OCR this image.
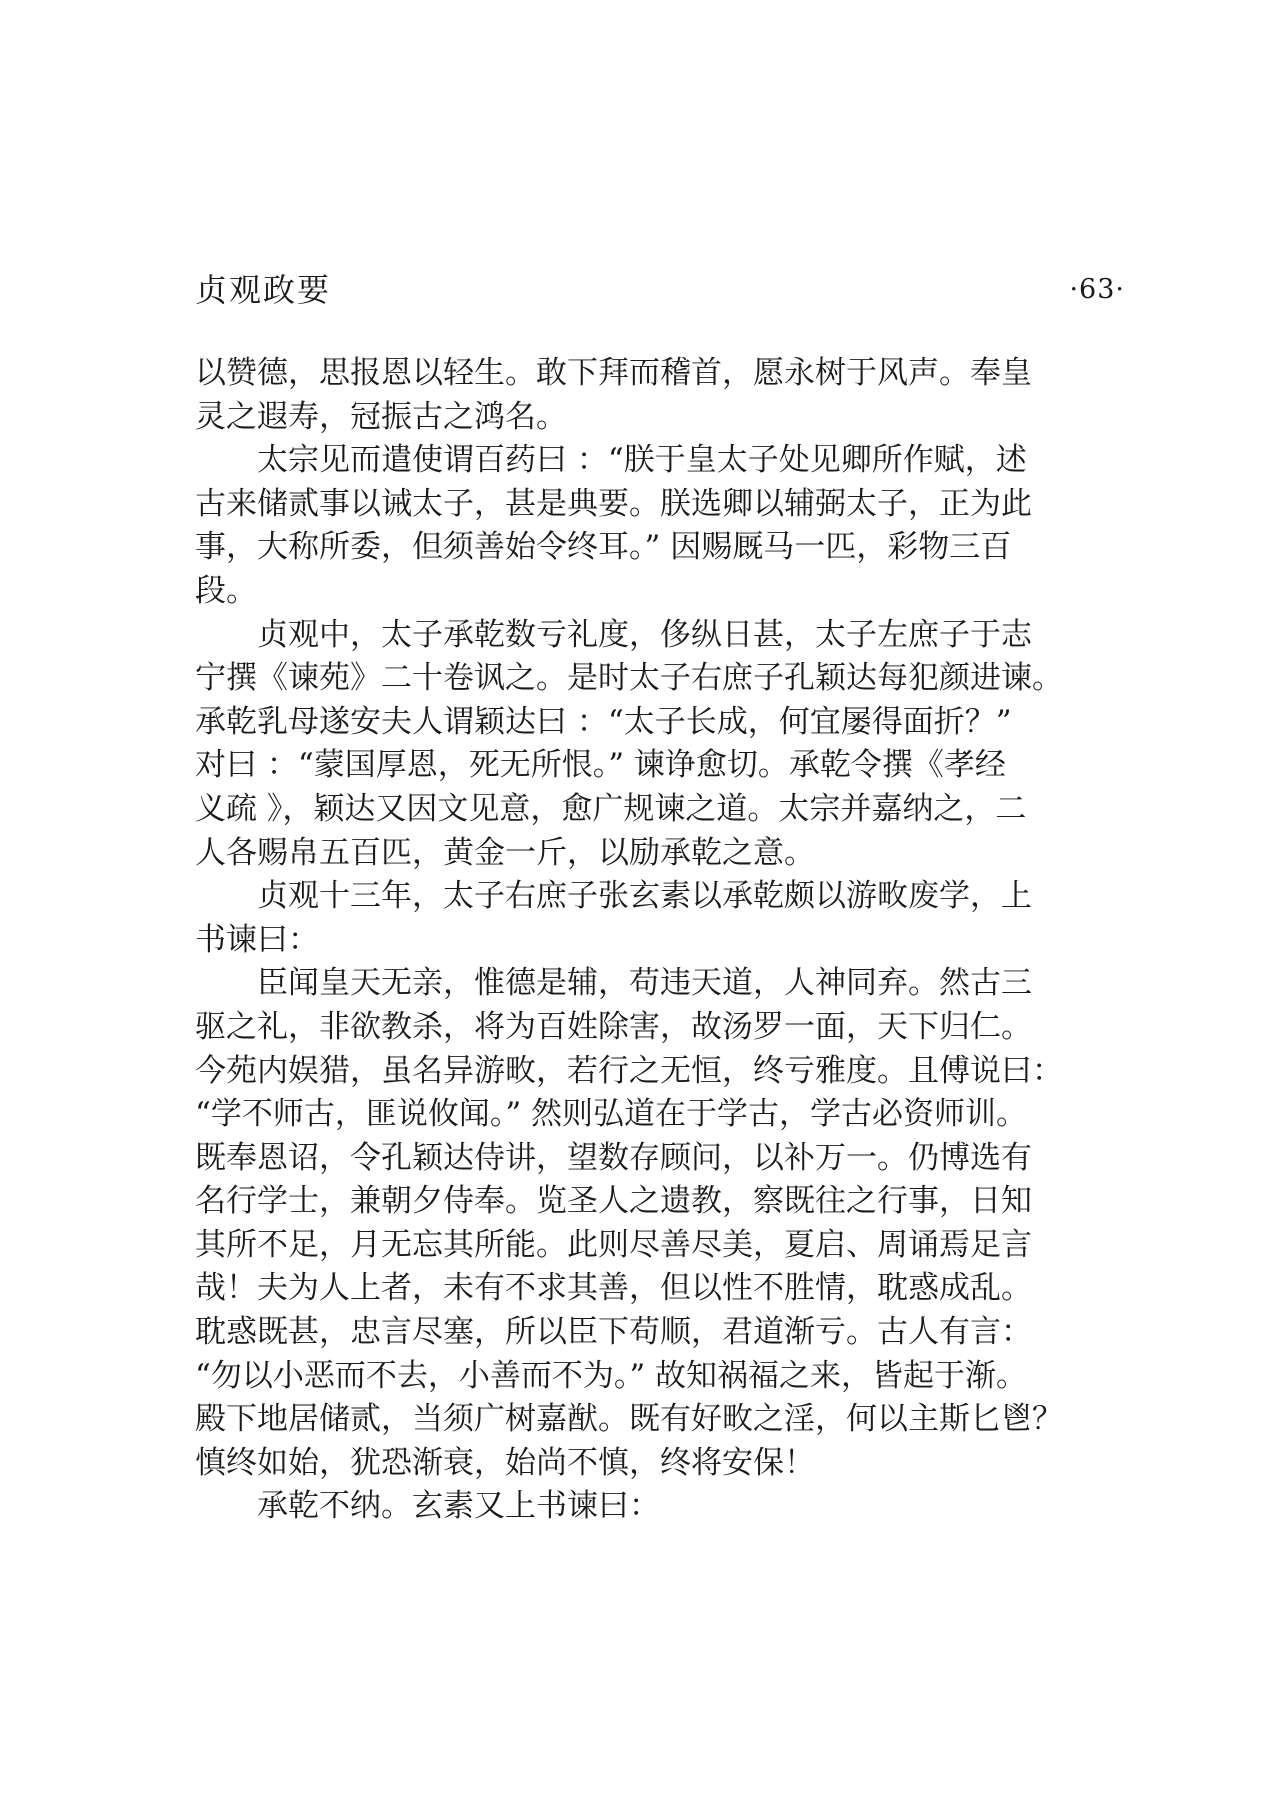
贞观政要	·63·
以赞德，思报恩以轻生。敢下拜而稽首，愿永树于风声。奉皇
灵之遐寿，冠振古之鸿名。
太宗见而遣使谓百药曰 ：“朕于皇太子处见卿所作赋，述
古来储贰事以诫太子，甚是典要。朕选卿以辅弼太子，正为此
事，大称所委，但须善始令终耳。” 因赐厩马一匹，彩物三百
段。
贞观中，太子承乾数亏礼度，侈纵日甚，太子左庶子于志
宁撰《谏苑》二十卷讽之。是时太子右庶子孔颖达每犯颜进谏。
承乾乳母遂安夫人谓颖达曰 ：“太子长成，何宜屡得面折？”
对曰 ：“蒙国厚恩，死无所恨。” 谏诤愈切。承乾令撰《孝经
义疏 》，颖达又因文见意，愈广规谏之道。太宗并嘉纳之，二
人各赐帛五百匹，黄金一斤，以励承乾之意。
贞观十三年，太子右庶子张玄素以承乾颇以游畋废学，上
书谏曰：
臣闻皇天无亲，惟德是辅，苟违天道，人神同弃。然古三
驱之礼，非欲教杀，将为百姓除害，故汤罗一面，天下归仁。
今苑内娱猎，虽名异游畋，若行之无恒，终亏雅度。且傅说曰：
“学不师古，匪说攸闻。” 然则弘道在于学古，学古必资师训。
既奉恩诏，令孔颖达侍讲，望数存顾问，以补万一。仍博选有
名行学士，兼朝夕侍奉。览圣人之遗教，察既往之行事，日知
其所不足，月无忘其所能。此则尽善尽美，夏启、周诵焉足言
哉！夫为人上者，未有不求其善，但以性不胜情，耽惑成乱。
耽惑既甚，忠言尽塞，所以臣下苟顺，君道渐亏。古人有言：
“勿以小恶而不去，小善而不为。” 故知祸福之来，皆起于渐。
殿下地居储贰，当须广树嘉猷。既有好畋之淫，何以主斯匕鬯？
慎终如始，犹恐渐衰，始尚不慎，终将安保！
承乾不纳。玄素又上书谏曰：
